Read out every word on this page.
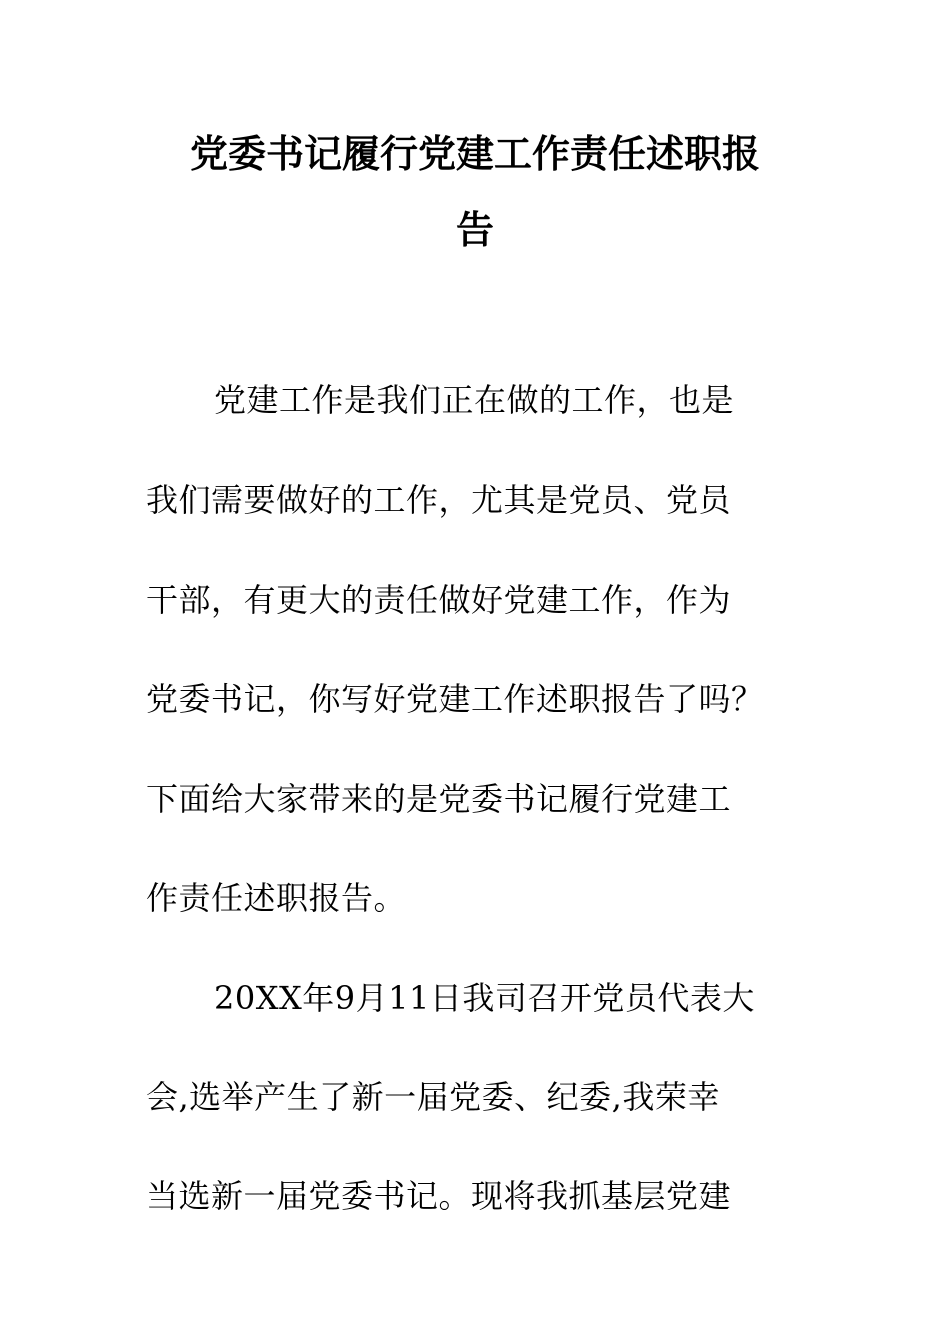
党委书记履行党建工作责任述职报
告
党建工作是我们正在做的工作，也是
我们需要做好的工作，尤其是党员、党员
干部，有更大的责任做好党建工作，作为
党委书记，你写好党建工作述职报告了吗？
下面给大家带来的是党委书记履行党建工
作责任述职报告。
20XX年9月11日我司召开党员代表大
会,选举产生了新一届党委、纪委,我荣幸
当选新一届党委书记。现将我抓基层党建
